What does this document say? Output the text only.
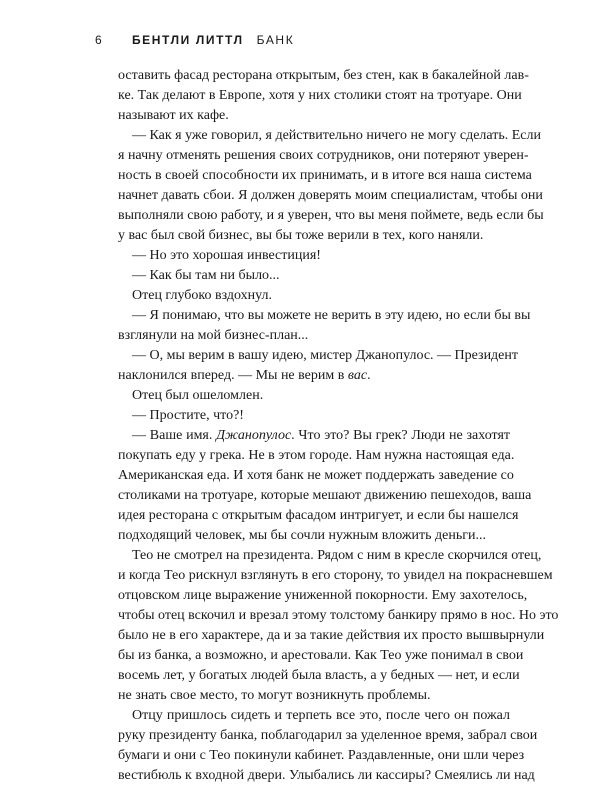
6 БЕНТЛИ ЛИТТЛ БАНК
оставить фасад ресторана открытым, без стен, как в бакалейной лав-
ке. Так делают в Европе, хотя у них столики стоят на тротуаре. Они
называют их кафе.
— Как я уже говорил, я действительно ничего не могу сделать. Если
я начну отменять решения своих сотрудников, они потеряют уверен-
ность в своей способности их принимать, и в итоге вся наша система
начнет давать сбои. Я должен доверять моим специалистам, чтобы они
выполняли свою работу, и я уверен, что вы меня поймете, ведь если бы
у вас был свой бизнес, вы бы тоже верили в тех, кого наняли.
— Но это хорошая инвестиция!
— Как бы там ни было...
Отец глубоко вздохнул.
— Я понимаю, что вы можете не верить в эту идею, но если бы вы
взглянули на мой бизнес-план...
— О, мы верим в вашу идею, мистер Джанопулос. — Президент
наклонился вперед. — Мы не верим в вас.
Отец был ошеломлен.
— Простите, что?!
— Ваше имя. Джанопулос. Что это? Вы грек? Люди не захотят
покупать еду у грека. Не в этом городе. Нам нужна настоящая еда.
Американская еда. И хотя банк не может поддержать заведение со
столиками на тротуаре, которые мешают движению пешеходов, ваша
идея ресторана с открытым фасадом интригует, и если бы нашелся
подходящий человек, мы бы сочли нужным вложить деньги...
Тео не смотрел на президента. Рядом с ним в кресле скорчился отец,
и когда Тео рискнул взглянуть в его сторону, то увидел на покрасневшем
отцовском лице выражение униженной покорности. Ему захотелось,
чтобы отец вскочил и врезал этому толстому банкиру прямо в нос. Но это
было не в его характере, да и за такие действия их просто вышвырнули
бы из банка, а возможно, и арестовали. Как Тео уже понимал в свои
восемь лет, у богатых людей была власть, а у бедных — нет, и если
не знать свое место, то могут возникнуть проблемы.
Отцу пришлось сидеть и терпеть все это, после чего он пожал
руку президенту банка, поблагодарил за уделенное время, забрал свои
бумаги и они с Тео покинули кабинет. Раздавленные, они шли через
вестибюль к входной двери. Улыбались ли кассиры? Смеялись ли над
